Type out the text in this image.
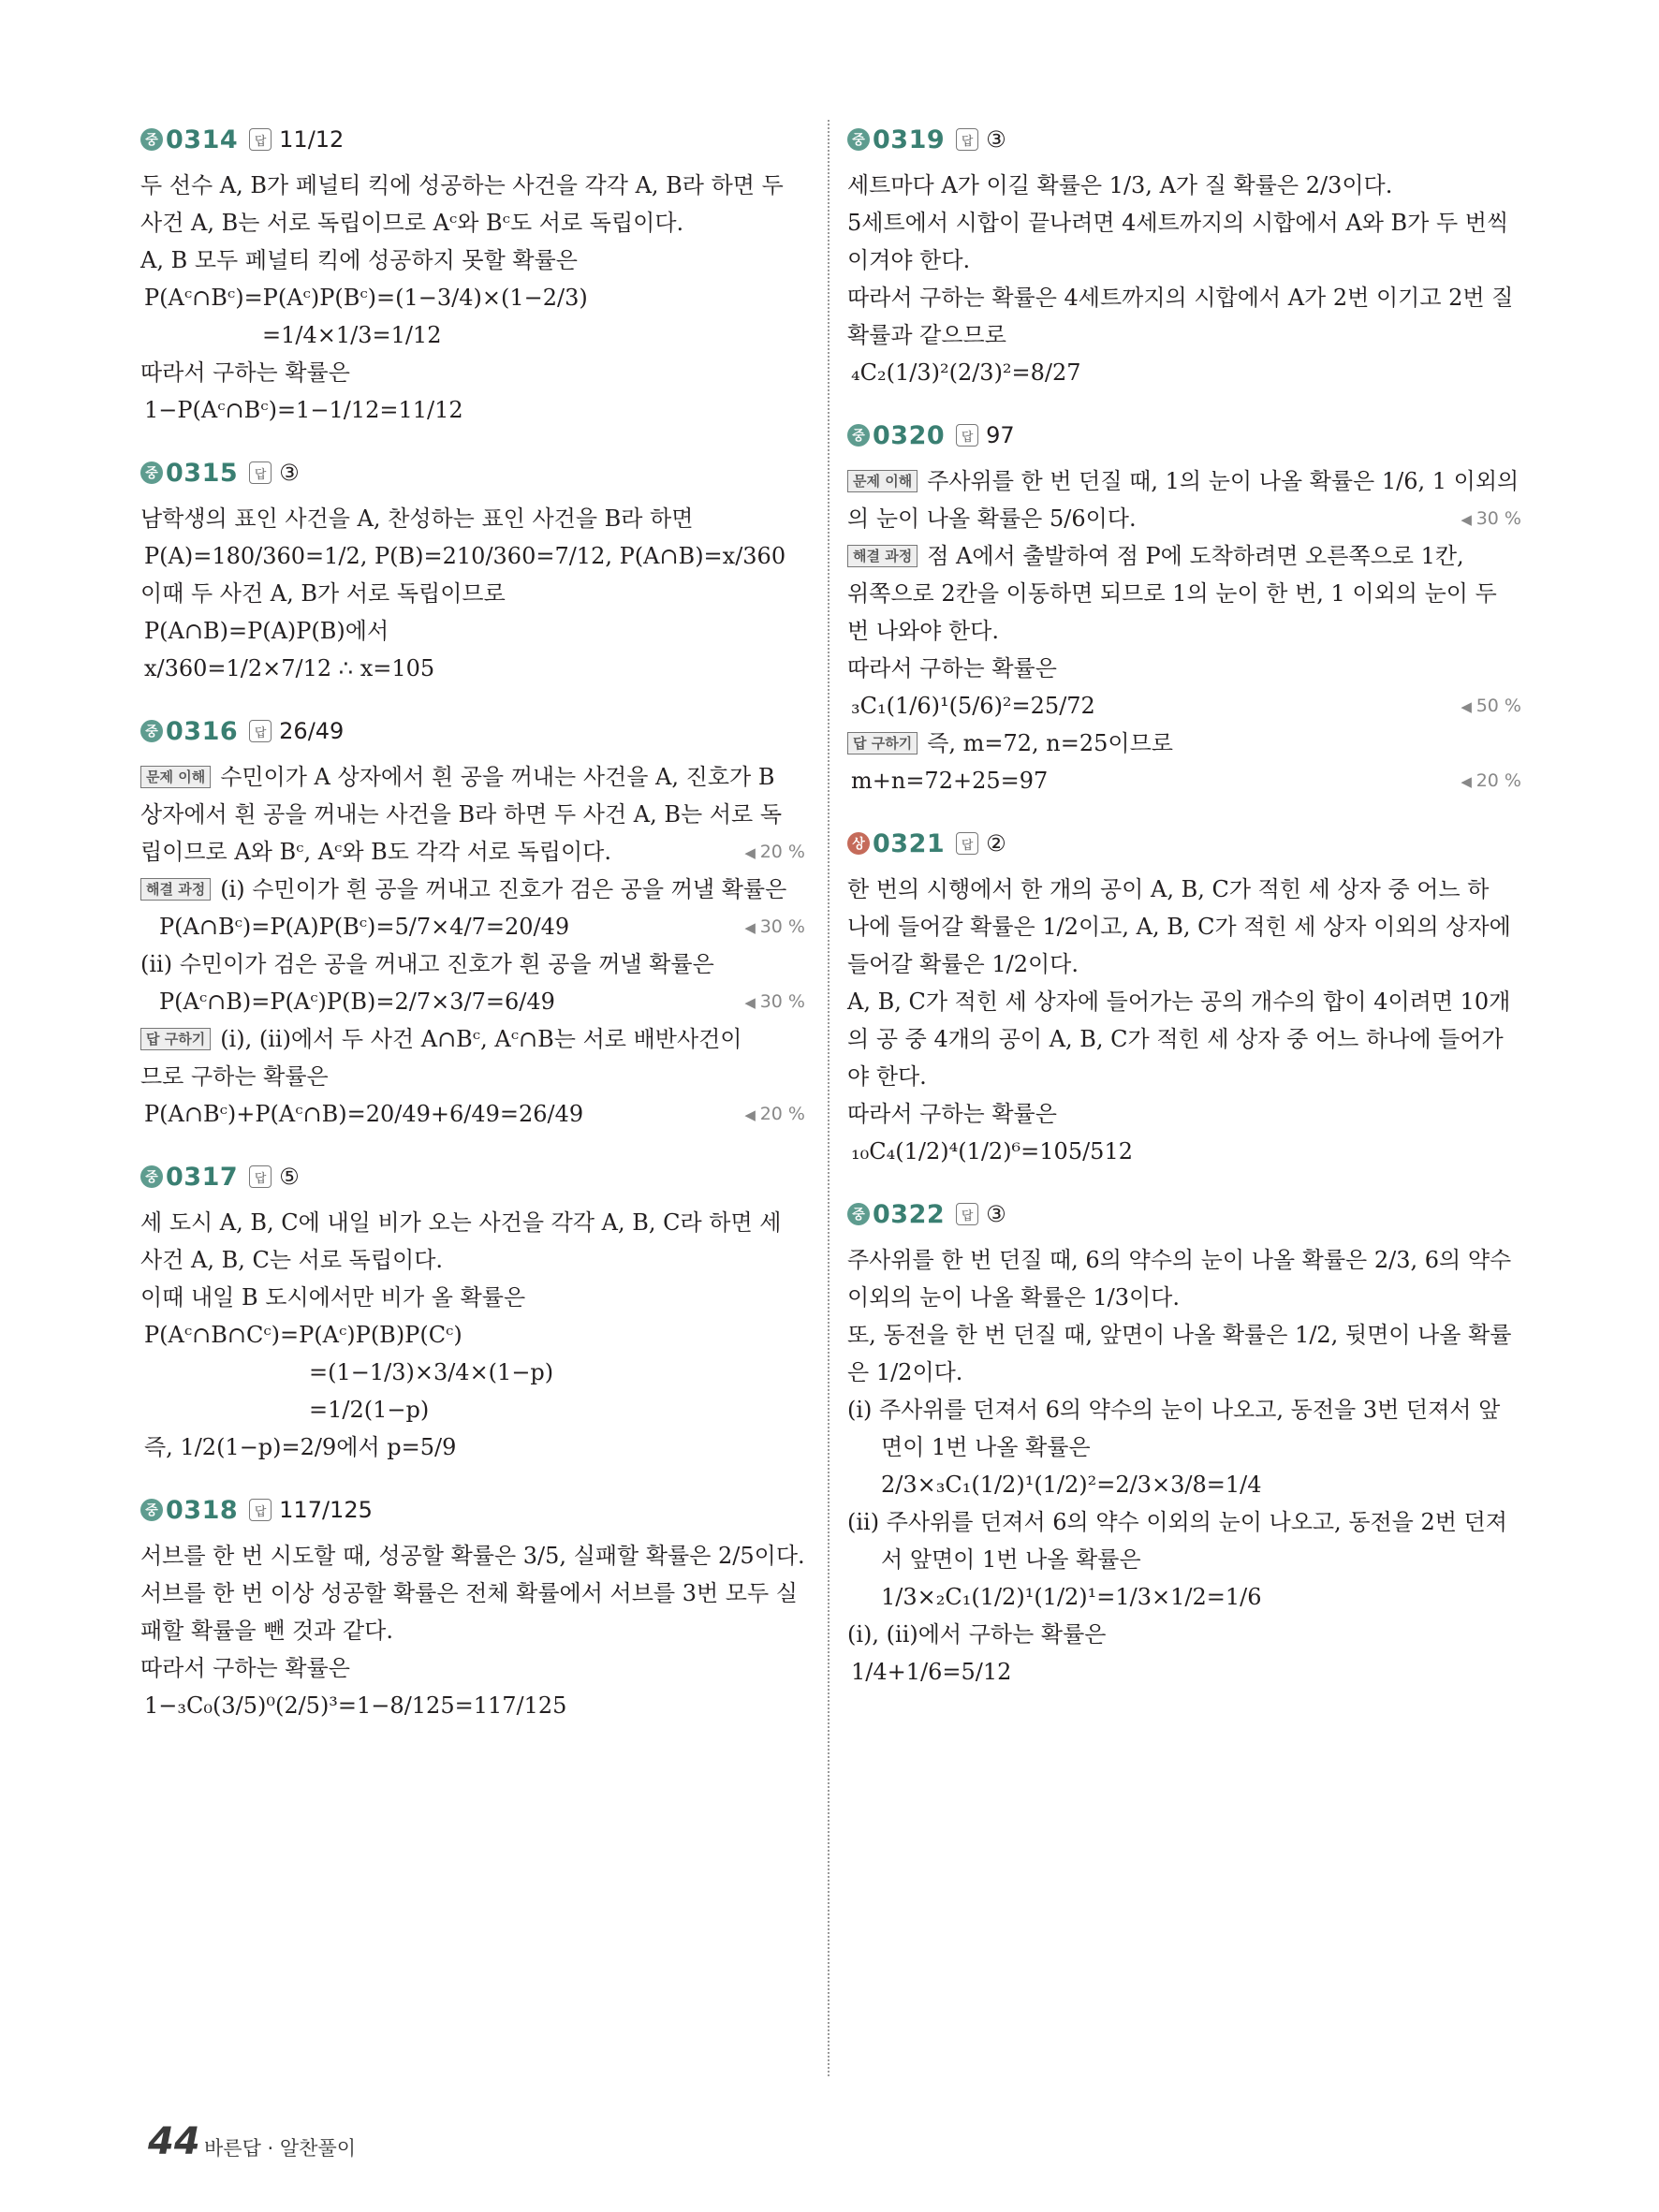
중 0314	답 11/12
두 선수 A, B가 페널티 킥에 성공하는 사건을 각각 A, B라 하면 두
사건 A, B는 서로 독립이므로 Aᶜ와 Bᶜ도 서로 독립이다.
A, B 모두 페널티 킥에 성공하지 못할 확률은
P(Aᶜ∩Bᶜ)=P(Aᶜ)P(Bᶜ)=(1−3/4)×(1−2/3)
=1/4×1/3=1/12
따라서 구하는 확률은
1−P(Aᶜ∩Bᶜ)=1−1/12=11/12
중 0315	답 ③
남학생의 표인 사건을 A, 찬성하는 표인 사건을 B라 하면
P(A)=180/360=1/2, P(B)=210/360=7/12, P(A∩B)=x/360
이때 두 사건 A, B가 서로 독립이므로
P(A∩B)=P(A)P(B)에서
x/360=1/2×7/12 ∴ x=105
중 0316	답 26/49
문제 이해 수민이가 A 상자에서 흰 공을 꺼내는 사건을 A, 진호가 B
상자에서 흰 공을 꺼내는 사건을 B라 하면 두 사건 A, B는 서로 독
립이므로 A와 Bᶜ, Aᶜ와 B도 각각 서로 독립이다.	◀ 20 %
해결 과정 (i) 수민이가 흰 공을 꺼내고 진호가 검은 공을 꺼낼 확률은
P(A∩Bᶜ)=P(A)P(Bᶜ)=5/7×4/7=20/49	◀ 30 %
(ii) 수민이가 검은 공을 꺼내고 진호가 흰 공을 꺼낼 확률은
P(Aᶜ∩B)=P(Aᶜ)P(B)=2/7×3/7=6/49	◀ 30 %
답 구하기 (i), (ii)에서 두 사건 A∩Bᶜ, Aᶜ∩B는 서로 배반사건이
므로 구하는 확률은
P(A∩Bᶜ)+P(Aᶜ∩B)=20/49+6/49=26/49	◀ 20 %
중 0317	답 ⑤
세 도시 A, B, C에 내일 비가 오는 사건을 각각 A, B, C라 하면 세
사건 A, B, C는 서로 독립이다.
이때 내일 B 도시에서만 비가 올 확률은
P(Aᶜ∩B∩Cᶜ)=P(Aᶜ)P(B)P(Cᶜ)
=(1−1/3)×3/4×(1−p)
=1/2(1−p)
즉, 1/2(1−p)=2/9에서 p=5/9
중 0318	답 117/125
서브를 한 번 시도할 때, 성공할 확률은 3/5, 실패할 확률은 2/5이다.
서브를 한 번 이상 성공할 확률은 전체 확률에서 서브를 3번 모두 실
패할 확률을 뺀 것과 같다.
따라서 구하는 확률은
1−₃C₀(3/5)⁰(2/5)³=1−8/125=117/125
중 0319	답 ③
세트마다 A가 이길 확률은 1/3, A가 질 확률은 2/3이다.
5세트에서 시합이 끝나려면 4세트까지의 시합에서 A와 B가 두 번씩
이겨야 한다.
따라서 구하는 확률은 4세트까지의 시합에서 A가 2번 이기고 2번 질
확률과 같으므로
₄C₂(1/3)²(2/3)²=8/27
중 0320	답 97
문제 이해 주사위를 한 번 던질 때, 1의 눈이 나올 확률은 1/6, 1 이외의
의 눈이 나올 확률은 5/6이다.	◀ 30 %
해결 과정 점 A에서 출발하여 점 P에 도착하려면 오른쪽으로 1칸,
위쪽으로 2칸을 이동하면 되므로 1의 눈이 한 번, 1 이외의 눈이 두
번 나와야 한다.
따라서 구하는 확률은
₃C₁(1/6)¹(5/6)²=25/72	◀ 50 %
답 구하기 즉, m=72, n=25이므로
m+n=72+25=97	◀ 20 %
상 0321	답 ②
한 번의 시행에서 한 개의 공이 A, B, C가 적힌 세 상자 중 어느 하
나에 들어갈 확률은 1/2이고, A, B, C가 적힌 세 상자 이외의 상자에
들어갈 확률은 1/2이다.
A, B, C가 적힌 세 상자에 들어가는 공의 개수의 합이 4이려면 10개
의 공 중 4개의 공이 A, B, C가 적힌 세 상자 중 어느 하나에 들어가
야 한다.
따라서 구하는 확률은
₁₀C₄(1/2)⁴(1/2)⁶=105/512
중 0322	답 ③
주사위를 한 번 던질 때, 6의 약수의 눈이 나올 확률은 2/3, 6의 약수
이외의 눈이 나올 확률은 1/3이다.
또, 동전을 한 번 던질 때, 앞면이 나올 확률은 1/2, 뒷면이 나올 확률
은 1/2이다.
(i) 주사위를 던져서 6의 약수의 눈이 나오고, 동전을 3번 던져서 앞
면이 1번 나올 확률은
2/3×₃C₁(1/2)¹(1/2)²=2/3×3/8=1/4
(ii) 주사위를 던져서 6의 약수 이외의 눈이 나오고, 동전을 2번 던져
서 앞면이 1번 나올 확률은
1/3×₂C₁(1/2)¹(1/2)¹=1/3×1/2=1/6
(i), (ii)에서 구하는 확률은
1/4+1/6=5/12
44 바른답 · 알찬풀이
